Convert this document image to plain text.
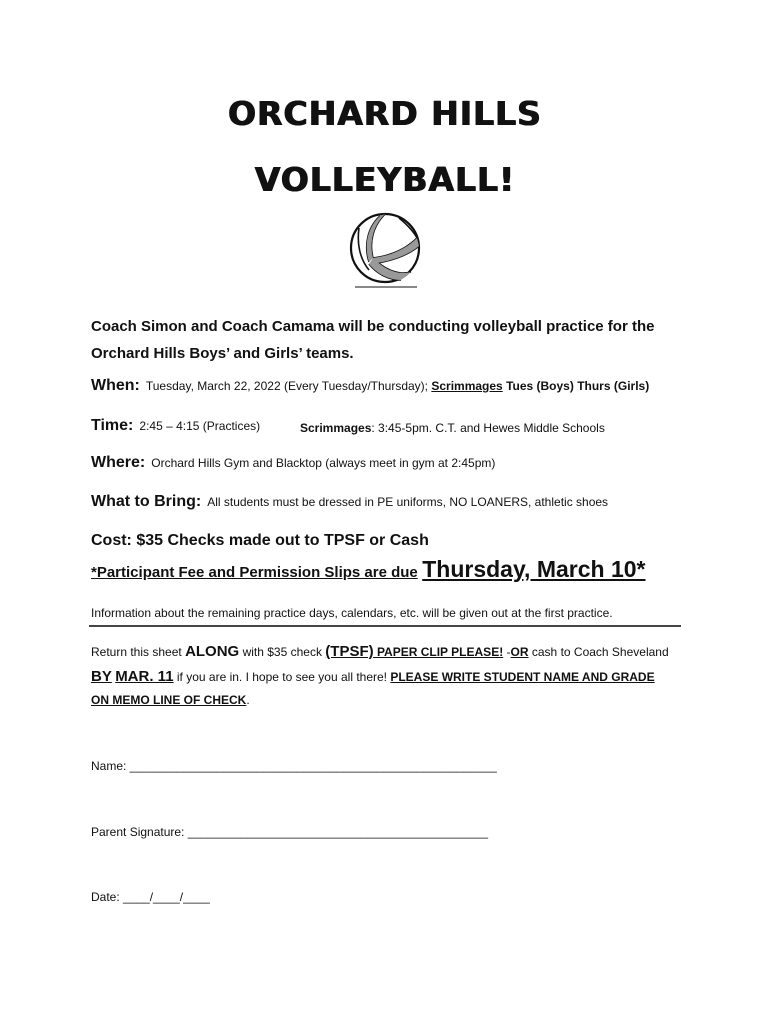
ORCHARD HILLS
VOLLEYBALL!
Coach Simon and Coach Camama will be conducting volleyball practice for the
Orchard Hills Boys’ and Girls’ teams.
When: Tuesday, March 22, 2022 (Every Tuesday/Thursday); Scrimmages Tues (Boys) Thurs (Girls)
Time: 2:45 – 4:15 (Practices)	Scrimmages: 3:45-5pm. C.T. and Hewes Middle Schools
Where: Orchard Hills Gym and Blacktop (always meet in gym at 2:45pm)
What to Bring: All students must be dressed in PE uniforms, NO LOANERS, athletic shoes
Cost: $35 Checks made out to TPSF or Cash
*Participant Fee and Permission Slips are due Thursday, March 10*
Information about the remaining practice days, calendars, etc. will be given out at the first practice.
Return this sheet ALONG with $35 check (TPSF) PAPER CLIP PLEASE! -OR cash to Coach Sheveland
BY MAR. 11 if you are in. I hope to see you all there! PLEASE WRITE STUDENT NAME AND GRADE
ON MEMO LINE OF CHECK.
Name: _______________________________________________________
Parent Signature: _____________________________________________
Date: ____/____/____
